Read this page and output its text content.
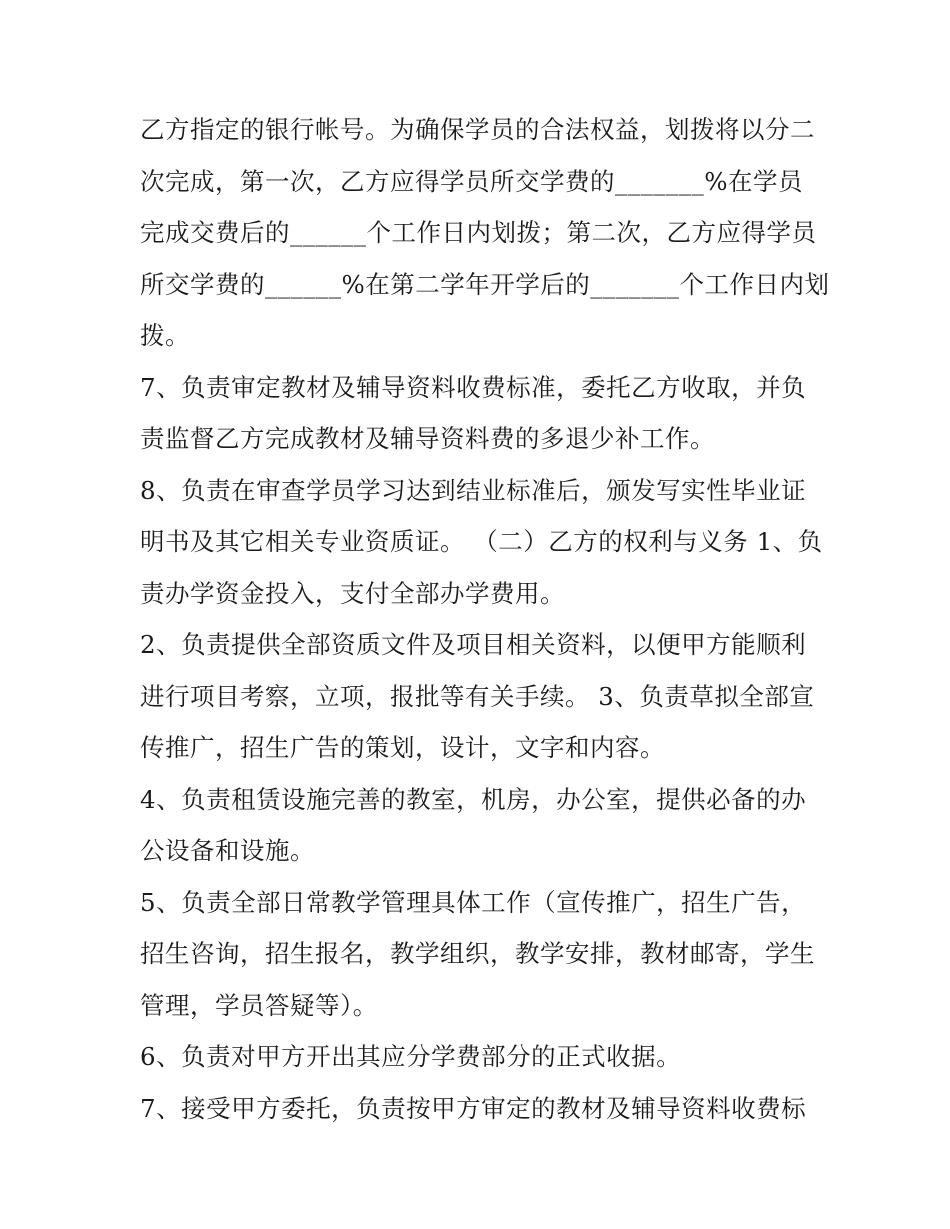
乙方指定的银行帐号。为确保学员的合法权益，划拨将以分二
次完成，第一次，乙方应得学员所交学费的_______%在学员
完成交费后的______个工作日内划拨；第二次，乙方应得学员
所交学费的______%在第二学年开学后的_______个工作日内划
拨。
7、负责审定教材及辅导资料收费标准，委托乙方收取，并负
责监督乙方完成教材及辅导资料费的多退少补工作。
8、负责在审查学员学习达到结业标准后，颁发写实性毕业证
明书及其它相关专业资质证。 （二）乙方的权利与义务 1、负
责办学资金投入，支付全部办学费用。
2、负责提供全部资质文件及项目相关资料，以便甲方能顺利
进行项目考察，立项，报批等有关手续。 3、负责草拟全部宣
传推广，招生广告的策划，设计，文字和内容。
4、负责租赁设施完善的教室，机房，办公室，提供必备的办
公设备和设施。
5、负责全部日常教学管理具体工作（宣传推广，招生广告，
招生咨询，招生报名，教学组织，教学安排，教材邮寄，学生
管理，学员答疑等）。
6、负责对甲方开出其应分学费部分的正式收据。
7、接受甲方委托，负责按甲方审定的教材及辅导资料收费标
